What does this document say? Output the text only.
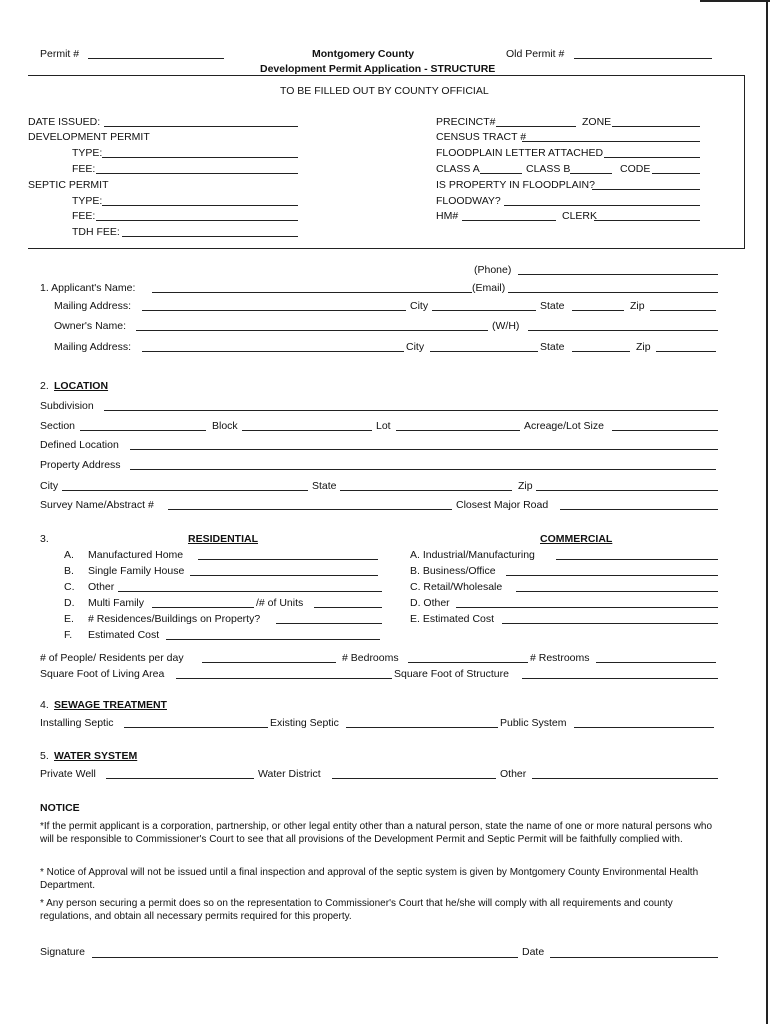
Permit #	Montgomery County
Development Permit Application - STRUCTURE
Old Permit #
TO BE FILLED OUT BY COUNTY OFFICIAL
DATE ISSUED:
DEVELOPMENT PERMIT
TYPE:
FEE:
SEPTIC PERMIT
TYPE:
FEE:
TDH FEE:
PRECINCT#	ZONE
CENSUS TRACT #
FLOODPLAIN LETTER ATTACHED
CLASS A	CLASS B	CODE
IS PROPERTY IN FLOODPLAIN?
FLOODWAY?
HM#	CLERK
(Phone)
1. Applicant's Name:	(Email)
Mailing Address:	City	State	Zip
Owner's Name:	(W/H)
Mailing Address:	City	State	Zip
2. LOCATION
Subdivision
Section	Block	Lot	Acreage/Lot Size
Defined Location
Property Address
City	State	Zip
Survey Name/Abstract #	Closest Major Road
3.	RESIDENTIAL	COMMERCIAL
A. Manufactured Home
B. Single Family House
C. Other
D. Multi Family	/# of Units
E. # Residences/Buildings on Property?
F. Estimated Cost
A. Industrial/Manufacturing
B. Business/Office
C. Retail/Wholesale
D. Other
E. Estimated Cost
# of People/ Residents per day	# Bedrooms	# Restrooms
Square Foot of Living Area	Square Foot of Structure
4. SEWAGE TREATMENT
Installing Septic	Existing Septic	Public System
5. WATER SYSTEM
Private Well	Water District	Other
NOTICE
*If the permit applicant is a corporation, partnership, or other legal entity other than a natural person, state the name of one or more natural persons who will be responsible to Commissioner's Court to see that all provisions of the Development Permit and Septic Permit will be faithfully complied with.
* Notice of Approval will not be issued until a final inspection and approval of the septic system is given by Montgomery County Environmental Health Department.
* Any person securing a permit does so on the representation to Commissioner's Court that he/she will comply with all requirements and county regulations, and obtain all necessary permits required for this property.
Signature	Date
